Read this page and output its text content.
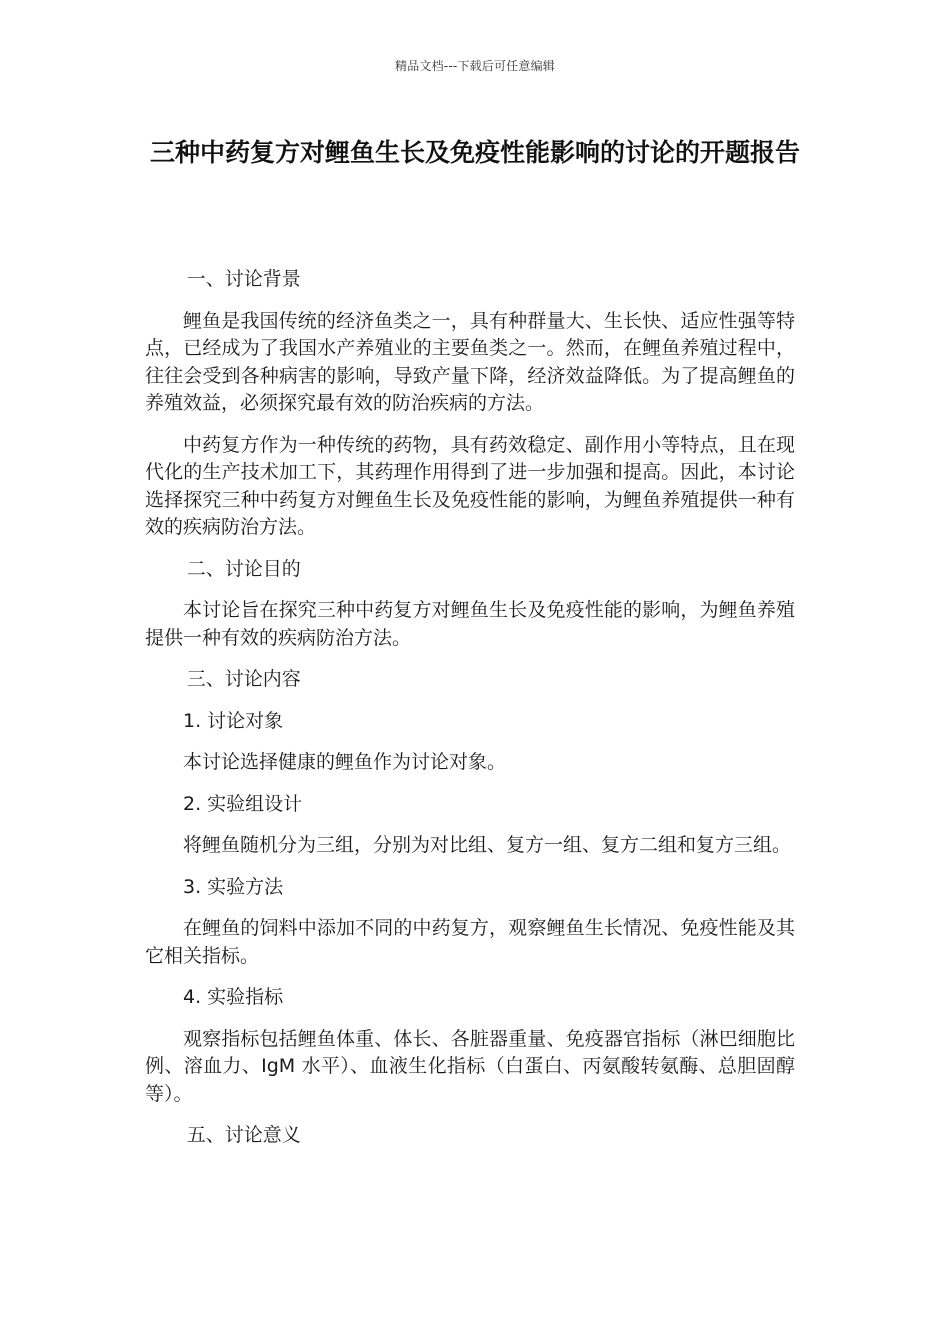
精品文档---下载后可任意编辑
三种中药复方对鲤鱼生长及免疫性能影响的讨论的开题报告

一、讨论背景

鲤鱼是我国传统的经济鱼类之一，具有种群量大、生长快、适应性强等特点，已经成为了我国水产养殖业的主要鱼类之一。然而，在鲤鱼养殖过程中，往往会受到各种病害的影响，导致产量下降，经济效益降低。为了提高鲤鱼的养殖效益，必须探究最有效的防治疾病的方法。

中药复方作为一种传统的药物，具有药效稳定、副作用小等特点，且在现代化的生产技术加工下，其药理作用得到了进一步加强和提高。因此，本讨论选择探究三种中药复方对鲤鱼生长及免疫性能的影响，为鲤鱼养殖提供一种有效的疾病防治方法。

二、讨论目的

本讨论旨在探究三种中药复方对鲤鱼生长及免疫性能的影响，为鲤鱼养殖提供一种有效的疾病防治方法。

三、讨论内容

1. 讨论对象

本讨论选择健康的鲤鱼作为讨论对象。

2. 实验组设计

将鲤鱼随机分为三组，分别为对比组、复方一组、复方二组和复方三组。

3. 实验方法

在鲤鱼的饲料中添加不同的中药复方，观察鲤鱼生长情况、免疫性能及其它相关指标。

4. 实验指标

观察指标包括鲤鱼体重、体长、各脏器重量、免疫器官指标（淋巴细胞比例、溶血力、IgM 水平）、血液生化指标（白蛋白、丙氨酸转氨酶、总胆固醇等）。

五、讨论意义
